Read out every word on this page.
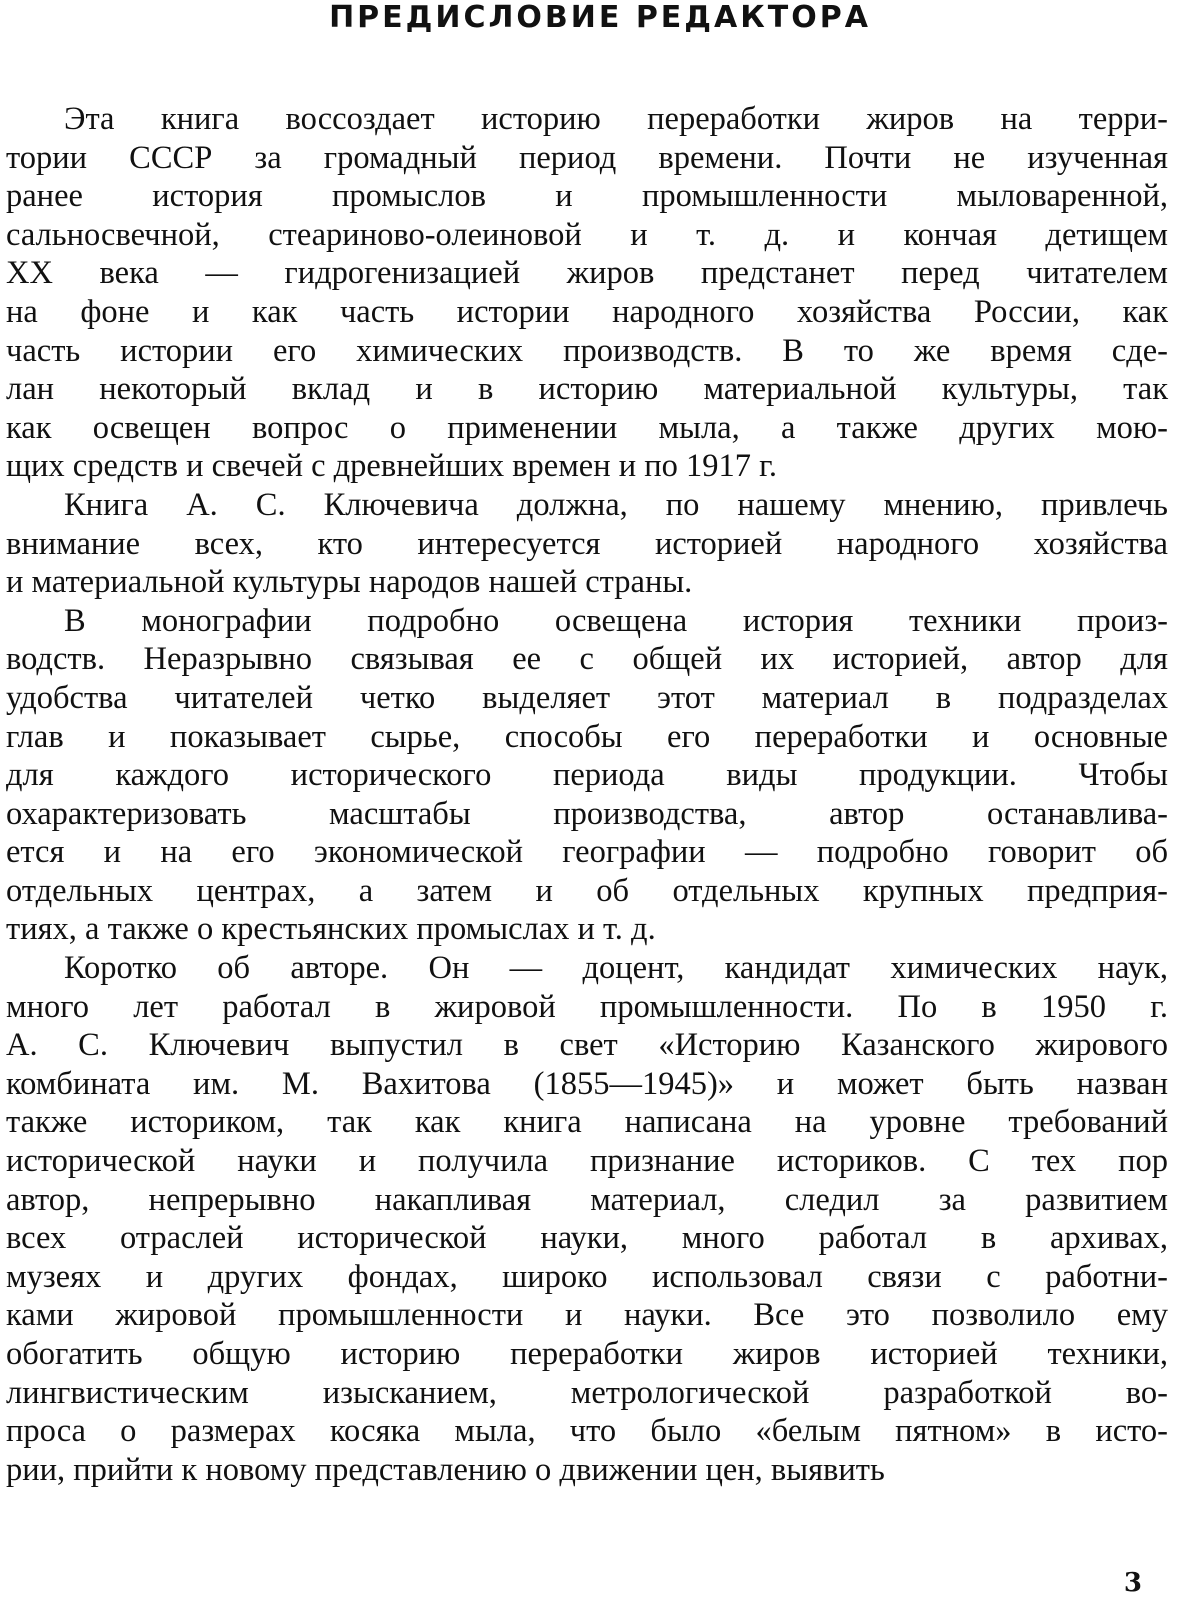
ПРЕДИСЛОВИЕ РЕДАКТОРА

Эта книга воссоздает историю переработки жиров на терри-
тории СССР за громадный период времени. Почти не изученная
ранее история промыслов и промышленности мыловаренной,
сальносвечной, стеариново-олеиновой и т. д. и кончая детищем
XX века — гидрогенизацией жиров предстанет перед читателем
на фоне и как часть истории народного хозяйства России, как
часть истории его химических производств. В то же время сде-
лан некоторый вклад и в историю материальной культуры, так
как освещен вопрос о применении мыла, а также других мою-
щих средств и свечей с древнейших времен и по 1917 г.

Книга А. С. Ключевича должна, по нашему мнению, привлечь
внимание всех, кто интересуется историей народного хозяйства
и материальной культуры народов нашей страны.

В монографии подробно освещена история техники произ-
водств. Неразрывно связывая ее с общей их историей, автор для
удобства читателей четко выделяет этот материал в подразделах
глав и показывает сырье, способы его переработки и основные
для каждого исторического периода виды продукции. Чтобы
охарактеризовать масштабы производства, автор останавлива-
ется и на его экономической географии — подробно говорит об
отдельных центрах, а затем и об отдельных крупных предприя-
тиях, а также о крестьянских промыслах и т. д.

Коротко об авторе. Он — доцент, кандидат химических наук,
много лет работал в жировой промышленности. По в 1950 г.
А. С. Ключевич выпустил в свет «Историю Казанского жирового
комбината им. М. Вахитова (1855—1945)» и может быть назван
также историком, так как книга написана на уровне требований
исторической науки и получила признание историков. С тех пор
автор, непрерывно накапливая материал, следил за развитием
всех отраслей исторической науки, много работал в архивах,
музеях и других фондах, широко использовал связи с работни-
ками жировой промышленности и науки. Все это позволило ему
обогатить общую историю переработки жиров историей техники,
лингвистическим изысканием, метрологической разработкой во-
проса о размерах косяка мыла, что было «белым пятном» в исто-
рии, прийти к новому представлению о движении цен, выявить

3
